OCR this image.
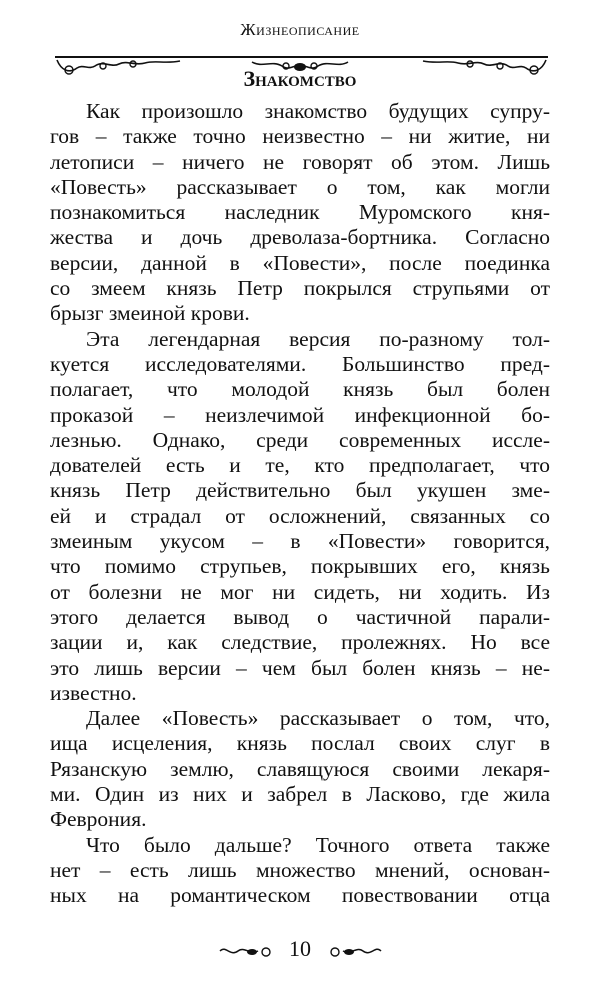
Жизнеописание
Знакомство
Как произошло знакомство будущих супру-
гов – также точно неизвестно – ни житие, ни
летописи – ничего не говорят об этом. Лишь
«Повесть» рассказывает о том, как могли
познакомиться наследник Муромского кня-
жества и дочь древолаза-бортника. Согласно
версии, данной в «Повести», после поединка
со змеем князь Петр покрылся струпьями от
брызг змеиной крови.
Эта легендарная версия по-разному тол-
куется исследователями. Большинство пред-
полагает, что молодой князь был болен
проказой – неизлечимой инфекционной бо-
лезнью. Однако, среди современных иссле-
дователей есть и те, кто предполагает, что
князь Петр действительно был укушен зме-
ей и страдал от осложнений, связанных со
змеиным укусом – в «Повести» говорится,
что помимо струпьев, покрывших его, князь
от болезни не мог ни сидеть, ни ходить. Из
этого делается вывод о частичной парали-
зации и, как следствие, пролежнях. Но все
это лишь версии – чем был болен князь – не-
известно.
Далее «Повесть» рассказывает о том, что,
ища исцеления, князь послал своих слуг в
Рязанскую землю, славящуюся своими лекаря-
ми. Один из них и забрел в Ласково, где жила
Феврония.
Что было дальше? Точного ответа также
нет – есть лишь множество мнений, основан-
ных на романтическом повествовании отца
10
